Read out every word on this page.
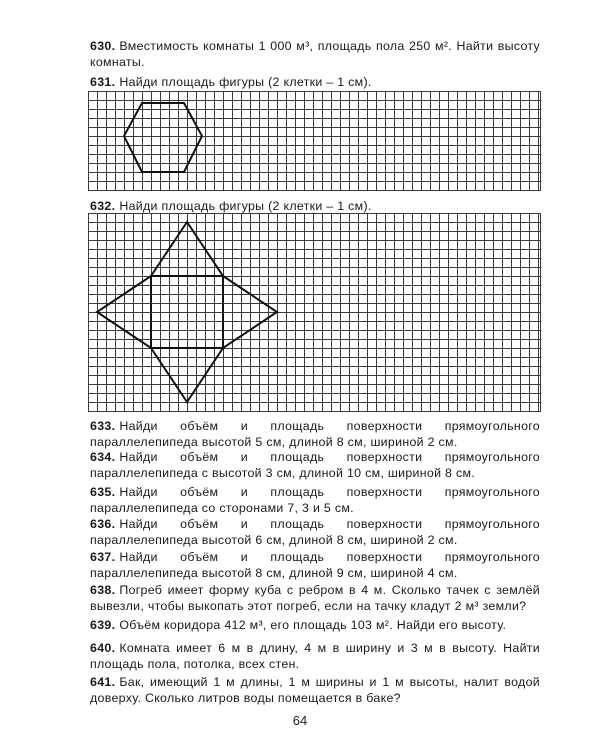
630. Вместимость комнаты 1 000 м³, площадь пола 250 м². Найти высоту комнаты.
631. Найди площадь фигуры (2 клетки – 1 см).
632. Найди площадь фигуры (2 клетки – 1 см).
633. Найди объём и площадь поверхности прямоугольного параллелепипеда высотой 5 см, длиной 8 см, шириной 2 см.
634. Найди объём и площадь поверхности прямоугольного параллелепипеда с высотой 3 см, длиной 10 см, шириной 8 см.
635. Найди объём и площадь поверхности прямоугольного параллелепипеда со сторонами 7, 3 и 5 см.
636. Найди объём и площадь поверхности прямоугольного параллелепипеда высотой 6 см, длиной 8 см, шириной 2 см.
637. Найди объём и площадь поверхности прямоугольного параллелепипеда высотой 8 см, длиной 9 см, шириной 4 см.
638. Погреб имеет форму куба с ребром в 4 м. Сколько тачек с землёй вывезли, чтобы выкопать этот погреб, если на тачку кладут 2 м³ земли?
639. Объём коридора 412 м³, его площадь 103 м². Найди его высоту.
640. Комната имеет 6 м в длину, 4 м в ширину и 3 м в высоту. Найти площадь пола, потолка, всех стен.
641. Бак, имеющий 1 м длины, 1 м ширины и 1 м высоты, налит водой доверху. Сколько литров воды помещается в баке?
64
